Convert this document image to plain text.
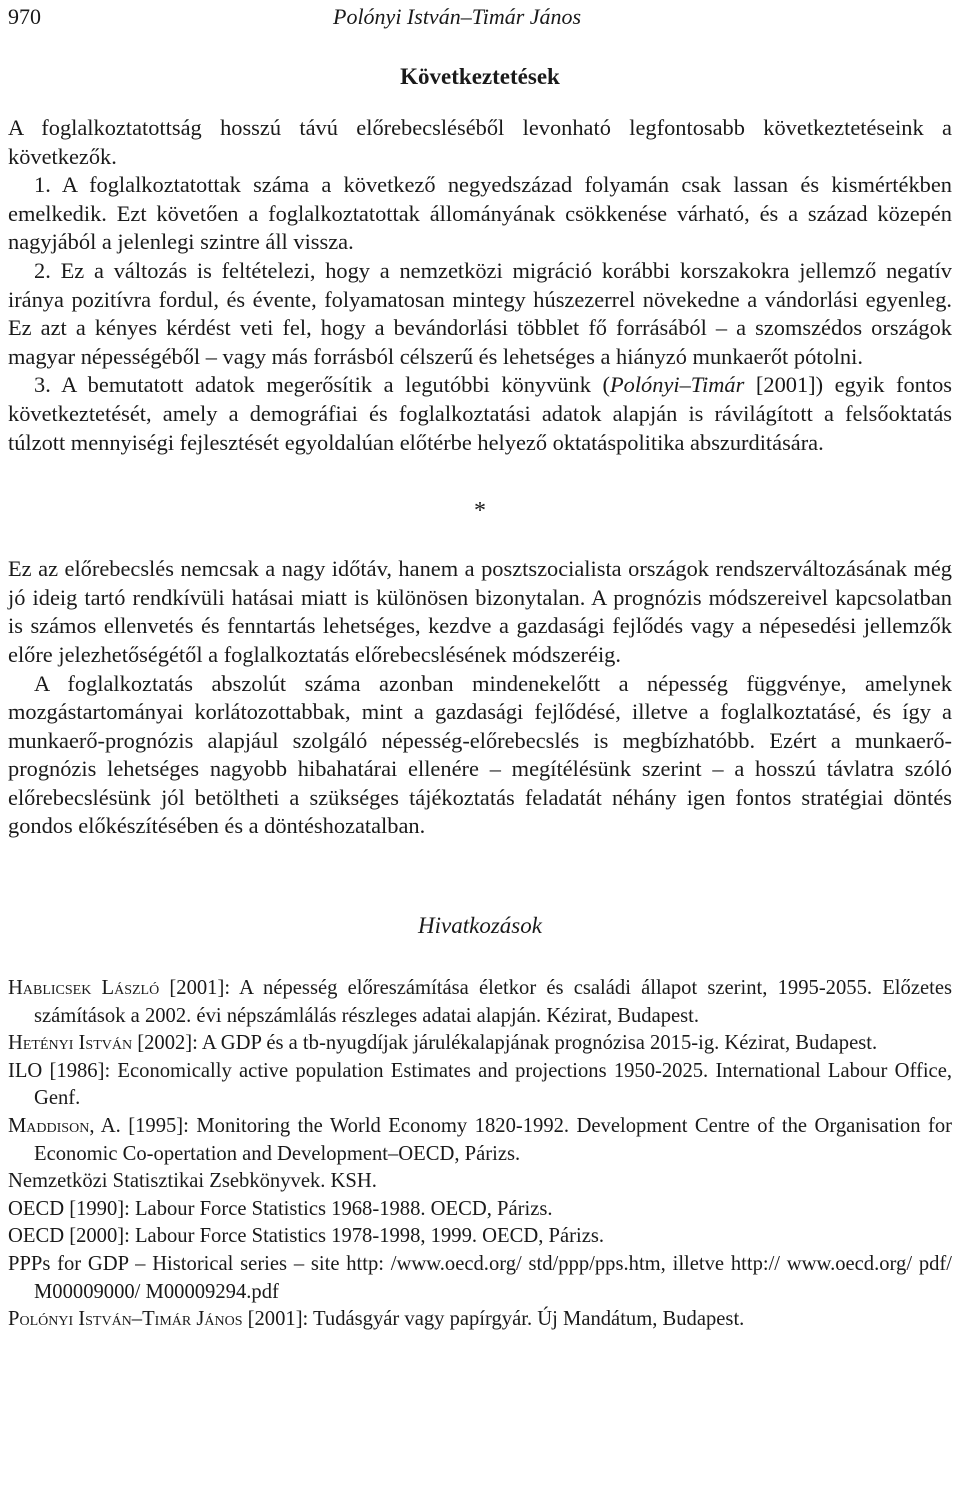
970	Polónyi István–Timár János
Következtetések

A foglalkoztatottság hosszú távú előrebecsléséből levonható legfontosabb következtetéseink a következők.

1. A foglalkoztatottak száma a következő negyedszázad folyamán csak lassan és kismértékben emelkedik. Ezt követően a foglalkoztatottak állományának csökkenése várható, és a század közepén nagyjából a jelenlegi szintre áll vissza.

2. Ez a változás is feltételezi, hogy a nemzetközi migráció korábbi korszakokra jellemző negatív iránya pozitívra fordul, és évente, folyamatosan mintegy húszezerrel növekedne a vándorlási egyenleg. Ez azt a kényes kérdést veti fel, hogy a bevándorlási többlet fő forrásából – a szomszédos országok magyar népességéből – vagy más forrásból célszerű és lehetséges a hiányzó munkaerőt pótolni.

3. A bemutatott adatok megerősítik a legutóbbi könyvünk (Polónyi–Timár [2001]) egyik fontos következtetését, amely a demográfiai és foglalkoztatási adatok alapján is rávilágított a felsőoktatás túlzott mennyiségi fejlesztését egyoldalúan előtérbe helyező oktatáspolitika abszurditására.

*

Ez az előrebecslés nemcsak a nagy időtáv, hanem a posztszocialista országok rendszerváltozásának még jó ideig tartó rendkívüli hatásai miatt is különösen bizonytalan. A prognózis módszereivel kapcsolatban is számos ellenvetés és fenntartás lehetséges, kezdve a gazdasági fejlődés vagy a népesedési jellemzők előre jelezhetőségétől a foglalkoztatás előrebecslésének módszeréig.

A foglalkoztatás abszolút száma azonban mindenekelőtt a népesség függvénye, amelynek mozgástartományai korlátozottabbak, mint a gazdasági fejlődésé, illetve a foglalkoztatásé, és így a munkaerő-prognózis alapjául szolgáló népesség-előrebecslés is megbízhatóbb. Ezért a munkaerő-prognózis lehetséges nagyobb hibahatárai ellenére – megítélésünk szerint – a hosszú távlatra szóló előrebecslésünk jól betöltheti a szükséges tájékoztatás feladatát néhány igen fontos stratégiai döntés gondos előkészítésében és a döntéshozatalban.

Hivatkozások

Hablicsek László [2001]: A népesség előreszámítása életkor és családi állapot szerint, 1995-2055. Előzetes számítások a 2002. évi népszámlálás részleges adatai alapján. Kézirat, Budapest.

Hetényi István [2002]: A GDP és a tb-nyugdíjak járulékalapjának prognózisa 2015-ig. Kézirat, Budapest.

ILO [1986]: Economically active population Estimates and projections 1950-2025. International Labour Office, Genf.

Maddison, A. [1995]: Monitoring the World Economy 1820-1992. Development Centre of the Organisation for Economic Co-opertation and Development–OECD, Párizs.

Nemzetközi Statisztikai Zsebkönyvek. KSH.

OECD [1990]: Labour Force Statistics 1968-1988. OECD, Párizs.

OECD [2000]: Labour Force Statistics 1978-1998, 1999. OECD, Párizs.

PPPs for GDP – Historical series – site http: /www.oecd.org/ std/ppp/pps.htm, illetve http:// www.oecd.org/ pdf/ M00009000/ M00009294.pdf

Polónyi István–Timár János [2001]: Tudásgyár vagy papírgyár. Új Mandátum, Budapest.
